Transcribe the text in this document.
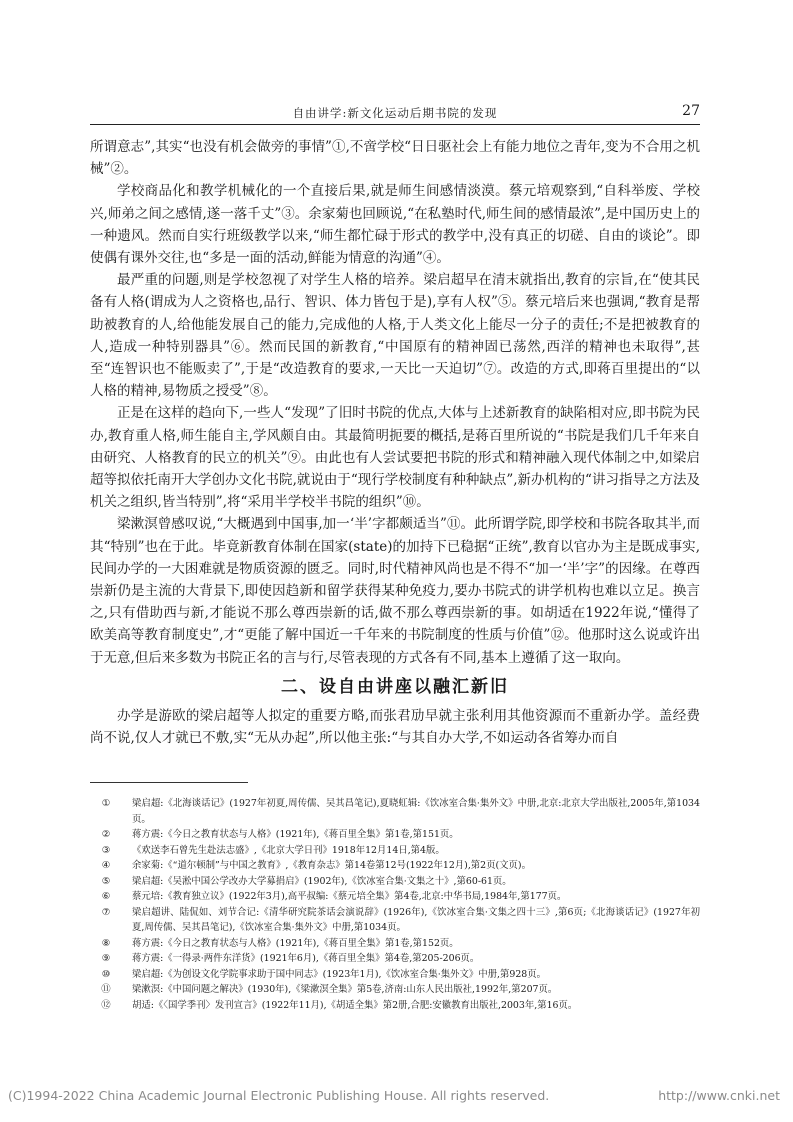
自由讲学:新文化运动后期书院的发现	27

所谓意志”,其实“也没有机会做旁的事情”①,不啻学校“日日驱社会上有能力地位之青年,变为不合用之机械”②。

学校商品化和教学机械化的一个直接后果,就是师生间感情淡漠。蔡元培观察到,“自科举废、学校兴,师弟之间之感情,遂一落千丈”③。余家菊也回顾说,“在私塾时代,师生间的感情最浓”,是中国历史上的一种遗风。然而自实行班级教学以来,“师生都忙碌于形式的教学中,没有真正的切磋、自由的谈论”。即使偶有课外交往,也“多是一面的活动,鲜能为情意的沟通”④。

最严重的问题,则是学校忽视了对学生人格的培养。梁启超早在清末就指出,教育的宗旨,在“使其民备有人格(谓成为人之资格也,品行、智识、体力皆包于是),享有人权”⑤。蔡元培后来也强调,“教育是帮助被教育的人,给他能发展自己的能力,完成他的人格,于人类文化上能尽一分子的责任;不是把被教育的人,造成一种特别器具”⑥。然而民国的新教育,“中国原有的精神固已荡然,西洋的精神也未取得”,甚至“连智识也不能贩卖了”,于是“改造教育的要求,一天比一天迫切”⑦。改造的方式,即蒋百里提出的“以人格的精神,易物质之授受”⑧。

正是在这样的趋向下,一些人“发现”了旧时书院的优点,大体与上述新教育的缺陷相对应,即书院为民办,教育重人格,师生能自主,学风颇自由。其最简明扼要的概括,是蒋百里所说的“书院是我们几千年来自由研究、人格教育的民立的机关”⑨。由此也有人尝试要把书院的形式和精神融入现代体制之中,如梁启超等拟依托南开大学创办文化书院,就说由于“现行学校制度有种种缺点”,新办机构的“讲习指导之方法及机关之组织,皆当特别”,将“采用半学校半书院的组织”⑩。

梁漱溟曾感叹说,“大概遇到中国事,加一‘半’字都颇适当”⑪。此所谓学院,即学校和书院各取其半,而其“特别”也在于此。毕竟新教育体制在国家(state)的加持下已稳据“正统”,教育以官办为主是既成事实,民间办学的一大困难就是物质资源的匮乏。同时,时代精神风尚也是不得不“加一‘半’字”的因缘。在尊西崇新仍是主流的大背景下,即使因趋新和留学获得某种免疫力,要办书院式的讲学机构也难以立足。换言之,只有借助西与新,才能说不那么尊西崇新的话,做不那么尊西崇新的事。如胡适在1922年说,“懂得了欧美高等教育制度史”,才“更能了解中国近一千年来的书院制度的性质与价值”⑫。他那时这么说或许出于无意,但后来多数为书院正名的言与行,尽管表现的方式各有不同,基本上遵循了这一取向。

二、设自由讲座以融汇新旧

办学是游欧的梁启超等人拟定的重要方略,而张君劢早就主张利用其他资源而不重新办学。盖经费尚不说,仅人才就已不敷,实“无从办起”,所以他主张:“与其自办大学,不如运动各省筹办而自

①	梁启超:《北海谈话记》(1927年初夏,周传儒、吴其昌笔记),夏晓虹辑:《饮冰室合集·集外文》中册,北京:北京大学出版社,2005年,第1034页。
②	蒋方震:《今日之教育状态与人格》(1921年),《蒋百里全集》第1卷,第151页。
③	《欢送李石曾先生赴法志盛》,《北京大学日刊》1918年12月14日,第4版。
④	余家菊:《“道尔顿制”与中国之教育》,《教育杂志》第14卷第12号(1922年12月),第2页(文页)。
⑤	梁启超:《吴淞中国公学改办大学募捐启》(1902年),《饮冰室合集·文集之十》,第60-61页。
⑥	蔡元培:《教育独立议》(1922年3月),高平叔编:《蔡元培全集》第4卷,北京:中华书局,1984年,第177页。
⑦	梁启超讲、陆侃如、刘节合记:《清华研究院茶话会演说辞》(1926年),《饮冰室合集·文集之四十三》,第6页;《北海谈话记》(1927年初夏,周传儒、吴其昌笔记),《饮冰室合集·集外文》中册,第1034页。
⑧	蒋方震:《今日之教育状态与人格》(1921年),《蒋百里全集》第1卷,第152页。
⑨	蒋方震:《一得录·两件东洋货》(1921年6月),《蒋百里全集》第4卷,第205-206页。
⑩	梁启超:《为创设文化学院事求助于国中同志》(1923年1月),《饮冰室合集·集外文》中册,第928页。
⑪	梁漱溟:《中国问题之解决》(1930年),《梁漱溟全集》第5卷,济南:山东人民出版社,1992年,第207页。
⑫	胡适:《〈国学季刊〉发刊宣言》(1922年11月),《胡适全集》第2册,合肥:安徽教育出版社,2003年,第16页。
(C)1994-2022 China Academic Journal Electronic Publishing House. All rights reserved.	http://www.cnki.net
